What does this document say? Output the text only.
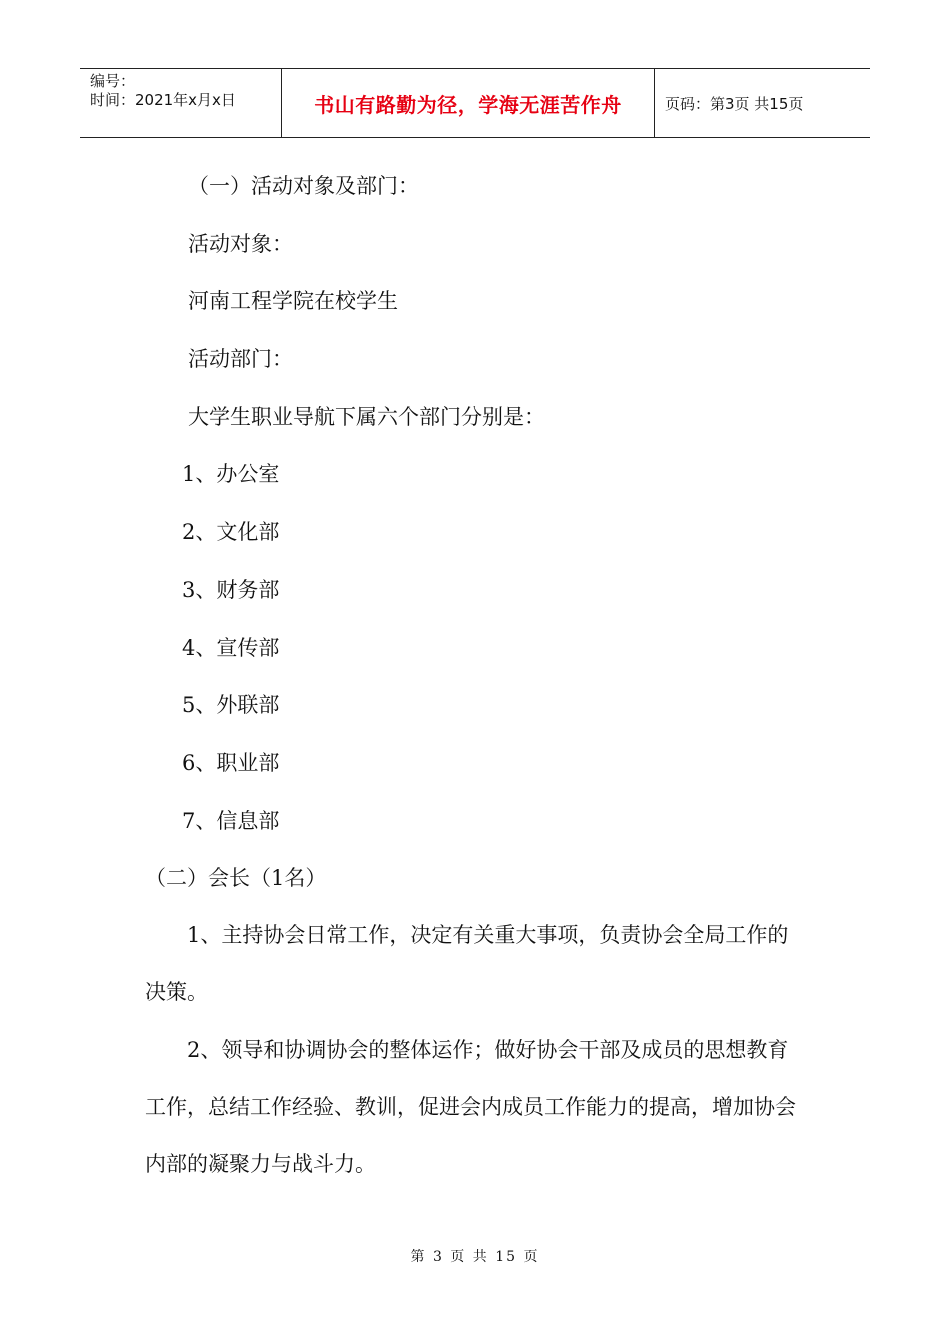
编号：
时间：2021年x月x日	书山有路勤为径，学海无涯苦作舟	页码：第3页 共15页
（一）活动对象及部门：
活动对象：
河南工程学院在校学生
活动部门：
大学生职业导航下属六个部门分别是：
1、办公室
2、文化部
3、财务部
4、宣传部
5、外联部
6、职业部
7、信息部
（二）会长（1名）
1、主持协会日常工作，决定有关重大事项，负责协会全局工作的决策。
2、领导和协调协会的整体运作；做好协会干部及成员的思想教育工作，总结工作经验、教训，促进会内成员工作能力的提高，增加协会内部的凝聚力与战斗力。
第 3 页 共 15 页
